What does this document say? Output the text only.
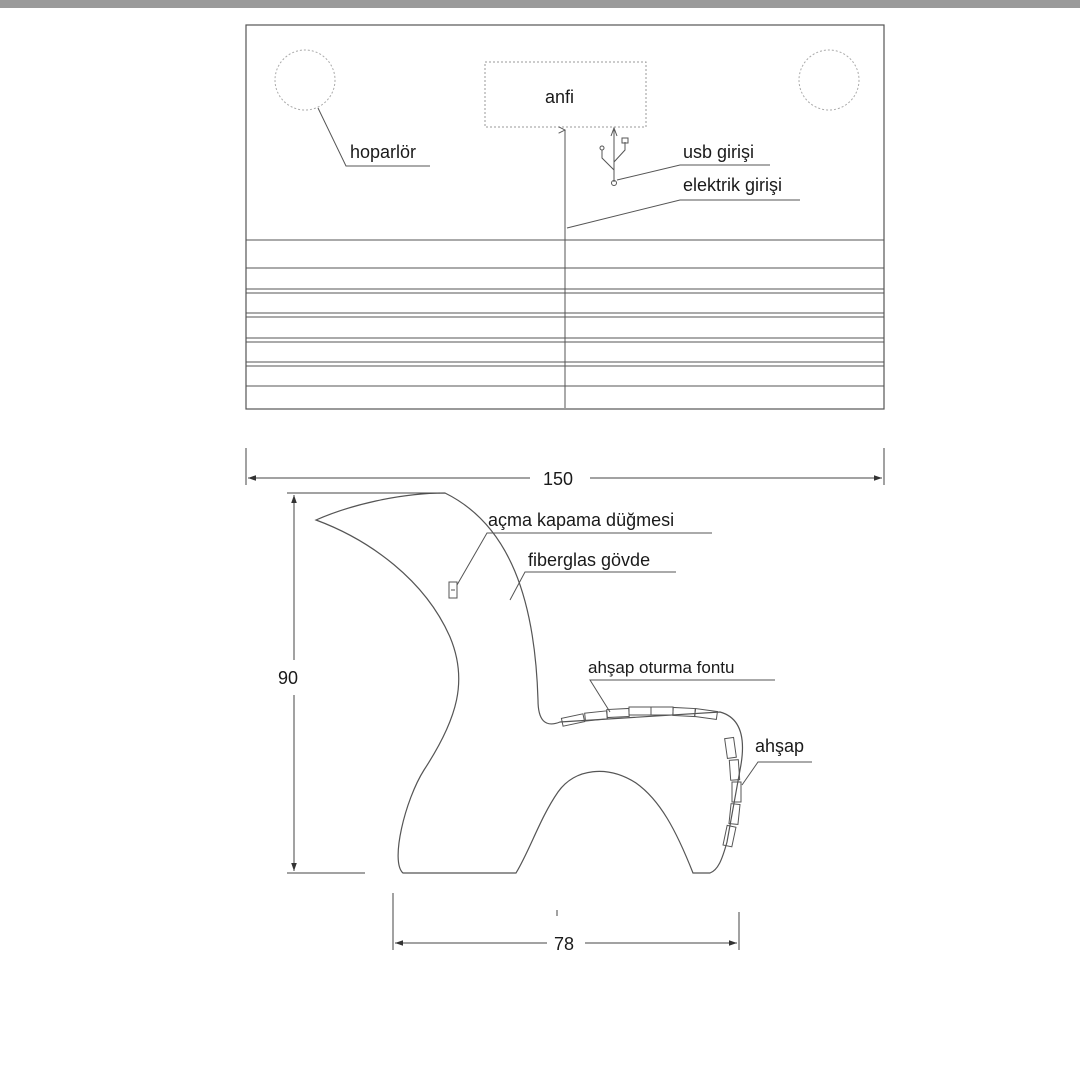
anfi
hoparlör	usb girişi
elektrik girişi
150
açma kapama düğmesi
fiberglas gövde
ahşap oturma fontu
ahşap
90
78
